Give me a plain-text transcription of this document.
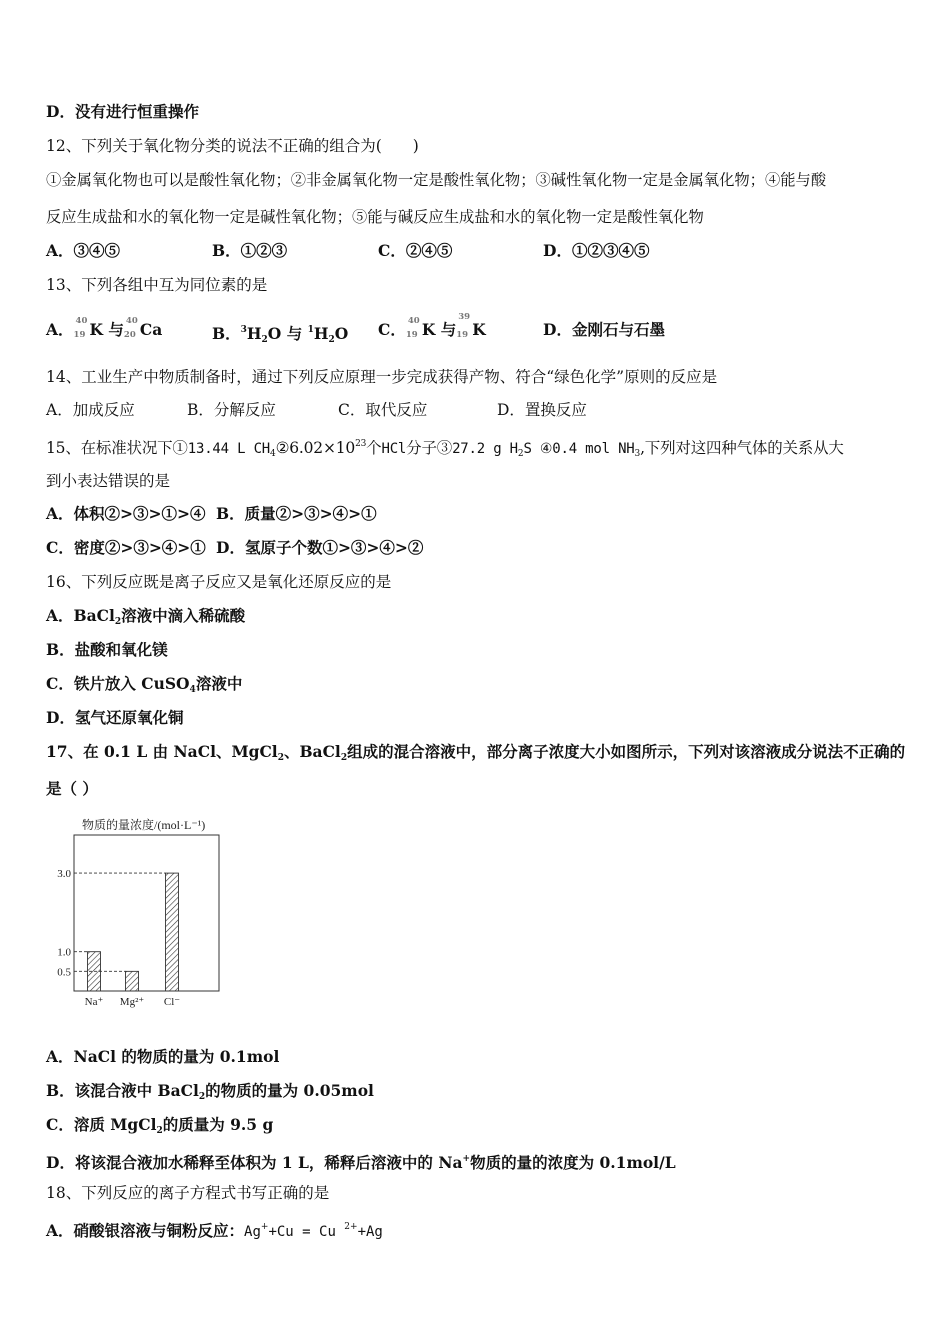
D．没有进行恒重操作
12、下列关于氧化物分类的说法不正确的组合为(　　)
①金属氧化物也可以是酸性氧化物；②非金属氧化物一定是酸性氧化物；③碱性氧化物一定是金属氧化物；④能与酸
反应生成盐和水的氧化物一定是碱性氧化物；⑤能与碱反应生成盐和水的氧化物一定是酸性氧化物
A．③④⑤	B．①②③	C．②④⑤	D．①②③④⑤
13、下列各组中互为同位素的是
A． 40
19 K 与 40
20 Ca	B．$^3H_2O$ 与 $^1H_2O$ C． 40
19 K 与
39
19 K	D．金刚石与石墨
14、工业生产中物质制备时，通过下列反应原理一步完成获得产物、符合“绿色化学”原则的反应是
A．加成反应	B．分解反应	C．取代反应	D．置换反应
15、在标准状况下①13.44 L $CH_4②6.02\times 10^{23}$个HCl分子③27.2 g $H_2S$ ④0.4 mol $NH_3$,下列对这四种气体的关系从大
到小表达错误的是
A．体积②>③>①>④ B．质量②>③>④>①
C．密度②>③>④>① D．氢原子个数①>③>④>②
16、下列反应既是离子反应又是氧化还原反应的是
A．BaCl$_2$溶液中滴入稀硫酸
B．盐酸和氧化镁
C．铁片放入 CuSO$_4$溶液中
D．氢气还原氧化铜
17、在 0.1 L 由 NaCl、MgCl$_2$、BaCl$_2$组成的混合溶液中，部分离子浓度大小如图所示，下列对该溶液成分说法不正确的
是（ ）
物质的量浓度/(mol·L⁻¹)
3.0
1.0
0.5
Na⁺ Mg²⁺ Cl⁻
A．NaCl 的物质的量为 0.1mol
B．该混合液中 BaCl$_2$的物质的量为 0.05mol
C．溶质 MgCl$_2$的质量为 9.5 g
D．将该混合液加水稀释至体积为 1 L，稀释后溶液中的 Na+物质的量的浓度为 0.1mol/L
18、下列反应的离子方程式书写正确的是
A．硝酸银溶液与铜粉反应：Ag++Cu = Cu $^{2+}$+Ag
